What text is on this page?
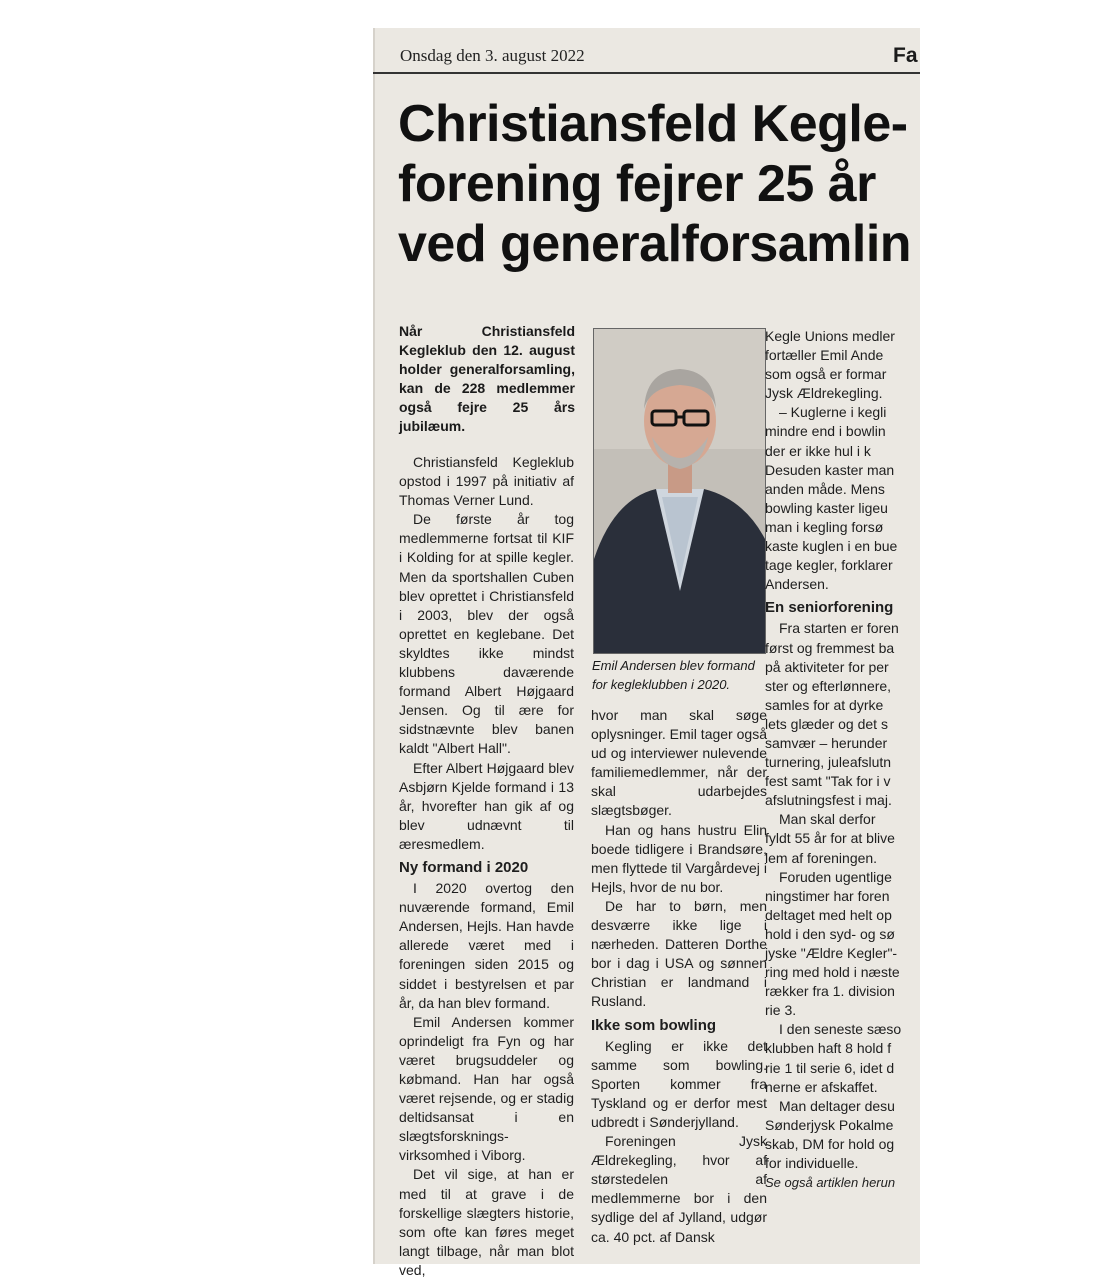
Onsdag den 3. august 2022	Fa
Christiansfeld Kegle-
forening fejrer 25 år
ved generalforsamlin
Når Christiansfeld Kegleklub den 12. august holder generalforsamling, kan de 228 medlemmer også fejre 25 års jubilæum.

Christiansfeld Kegleklub opstod i 1997 på initiativ af Thomas Verner Lund.

De første år tog medlemmerne fortsat til KIF i Kolding for at spille kegler. Men da sportshallen Cuben blev oprettet i Christiansfeld i 2003, blev der også oprettet en keglebane. Det skyldtes ikke mindst klubbens daværende formand Albert Højgaard Jensen. Og til ære for sidstnævnte blev banen kaldt "Albert Hall".

Efter Albert Højgaard blev Asbjørn Kjelde formand i 13 år, hvorefter han gik af og blev udnævnt til æresmedlem.

Ny formand i 2020

I 2020 overtog den nuværende formand, Emil Andersen, Hejls. Han havde allerede været med i foreningen siden 2015 og siddet i bestyrelsen et par år, da han blev formand.

Emil Andersen kommer oprindeligt fra Fyn og har været brugsuddeler og købmand. Han har også været rejsende, og er stadig deltidsansat i en slægtsforsknings-virksomhed i Viborg.

Det vil sige, at han er med til at grave i de forskellige slægters historie, som ofte kan føres meget langt tilbage, når man blot ved,

Emil Andersen blev formand for kegleklubben i 2020.

hvor man skal søge oplysninger. Emil tager også ud og interviewer nulevende familiemedlemmer, når der skal udarbejdes slægtsbøger.

Han og hans hustru Elin boede tidligere i Brandsøre, men flyttede til Vargårdevej i Hejls, hvor de nu bor.

De har to børn, men desværre ikke lige i nærheden. Datteren Dorthe bor i dag i USA og sønnen Christian er landmand i Rusland.

Ikke som bowling

Kegling er ikke det samme som bowling. Sporten kommer fra Tyskland og er derfor mest udbredt i Sønderjylland.

Foreningen Jysk Ældrekegling, hvor af størstedelen af medlemmerne bor i den sydlige del af Jylland, udgør ca. 40 pct. af Dansk

Kegle Unions medler

fortæller Emil Ande

som også er formar

Jysk Ældrekegling.

– Kuglerne i kegli

mindre end i bowlin

der er ikke hul i k

Desuden kaster man

anden måde. Mens

bowling kaster ligeu

man i kegling forsø

kaste kuglen i en bue

tage kegler, forklarer

Andersen.

En seniorforening

Fra starten er foren

først og fremmest ba

på aktiviteter for per

ster og efterlønnere,

samles for at dyrke

lets glæder og det s

samvær – herunder

turnering, juleafslutn

fest samt "Tak for i v

afslutningsfest i maj.

Man skal derfor

fyldt 55 år for at blive

lem af foreningen.

Foruden ugentlige

ningstimer har foren

deltaget med helt op

hold i den syd- og sø

jyske "Ældre Kegler"-

ring med hold i næste

rækker fra 1. division

rie 3.

I den seneste sæso

klubben haft 8 hold f

rie 1 til serie 6, idet d

nerne er afskaffet.

Man deltager desu

Sønderjysk Pokalme

skab, DM for hold og

for individuelle.

Se også artiklen herun
